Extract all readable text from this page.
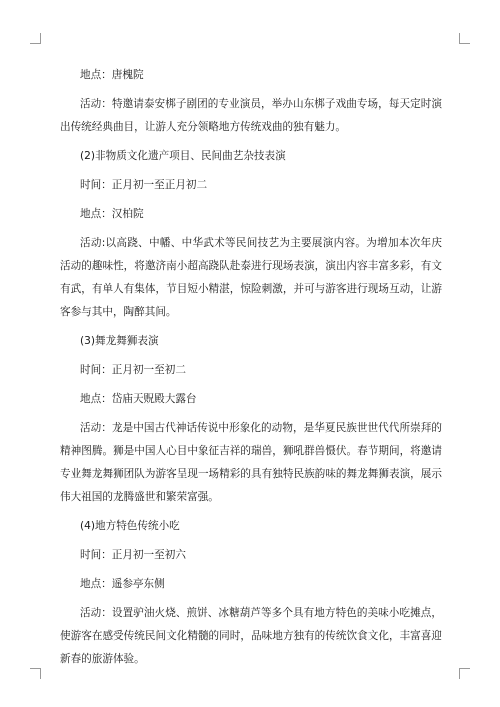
地点：唐槐院

活动：特邀请泰安梆子剧团的专业演员，举办山东梆子戏曲专场，每天定时演出传统经典曲目，让游人充分领略地方传统戏曲的独有魅力。

(2)非物质文化遗产项目、民间曲艺杂技表演

时间：正月初一至正月初二

地点：汉柏院

活动:以高跷、中幡、中华武术等民间技艺为主要展演内容。为增加本次年庆活动的趣味性，将邀济南小超高跷队赴泰进行现场表演，演出内容丰富多彩，有文有武，有单人有集体，节目短小精湛，惊险刺激，并可与游客进行现场互动，让游客参与其中，陶醉其间。

(3)舞龙舞狮表演

时间：正月初一至初二

地点：岱庙天贶殿大露台

活动：龙是中国古代神话传说中形象化的动物，是华夏民族世世代代所崇拜的精神图腾。狮是中国人心目中象征吉祥的瑞兽，狮吼群兽慑伏。春节期间，将邀请专业舞龙舞狮团队为游客呈现一场精彩的具有独特民族韵味的舞龙舞狮表演，展示伟大祖国的龙腾盛世和繁荣富强。

(4)地方特色传统小吃

时间：正月初一至初六

地点：遥参亭东侧

活动：设置驴油火烧、煎饼、冰糖葫芦等多个具有地方特色的美味小吃摊点，使游客在感受传统民间文化精髓的同时，品味地方独有的传统饮食文化，丰富喜迎新春的旅游体验。
